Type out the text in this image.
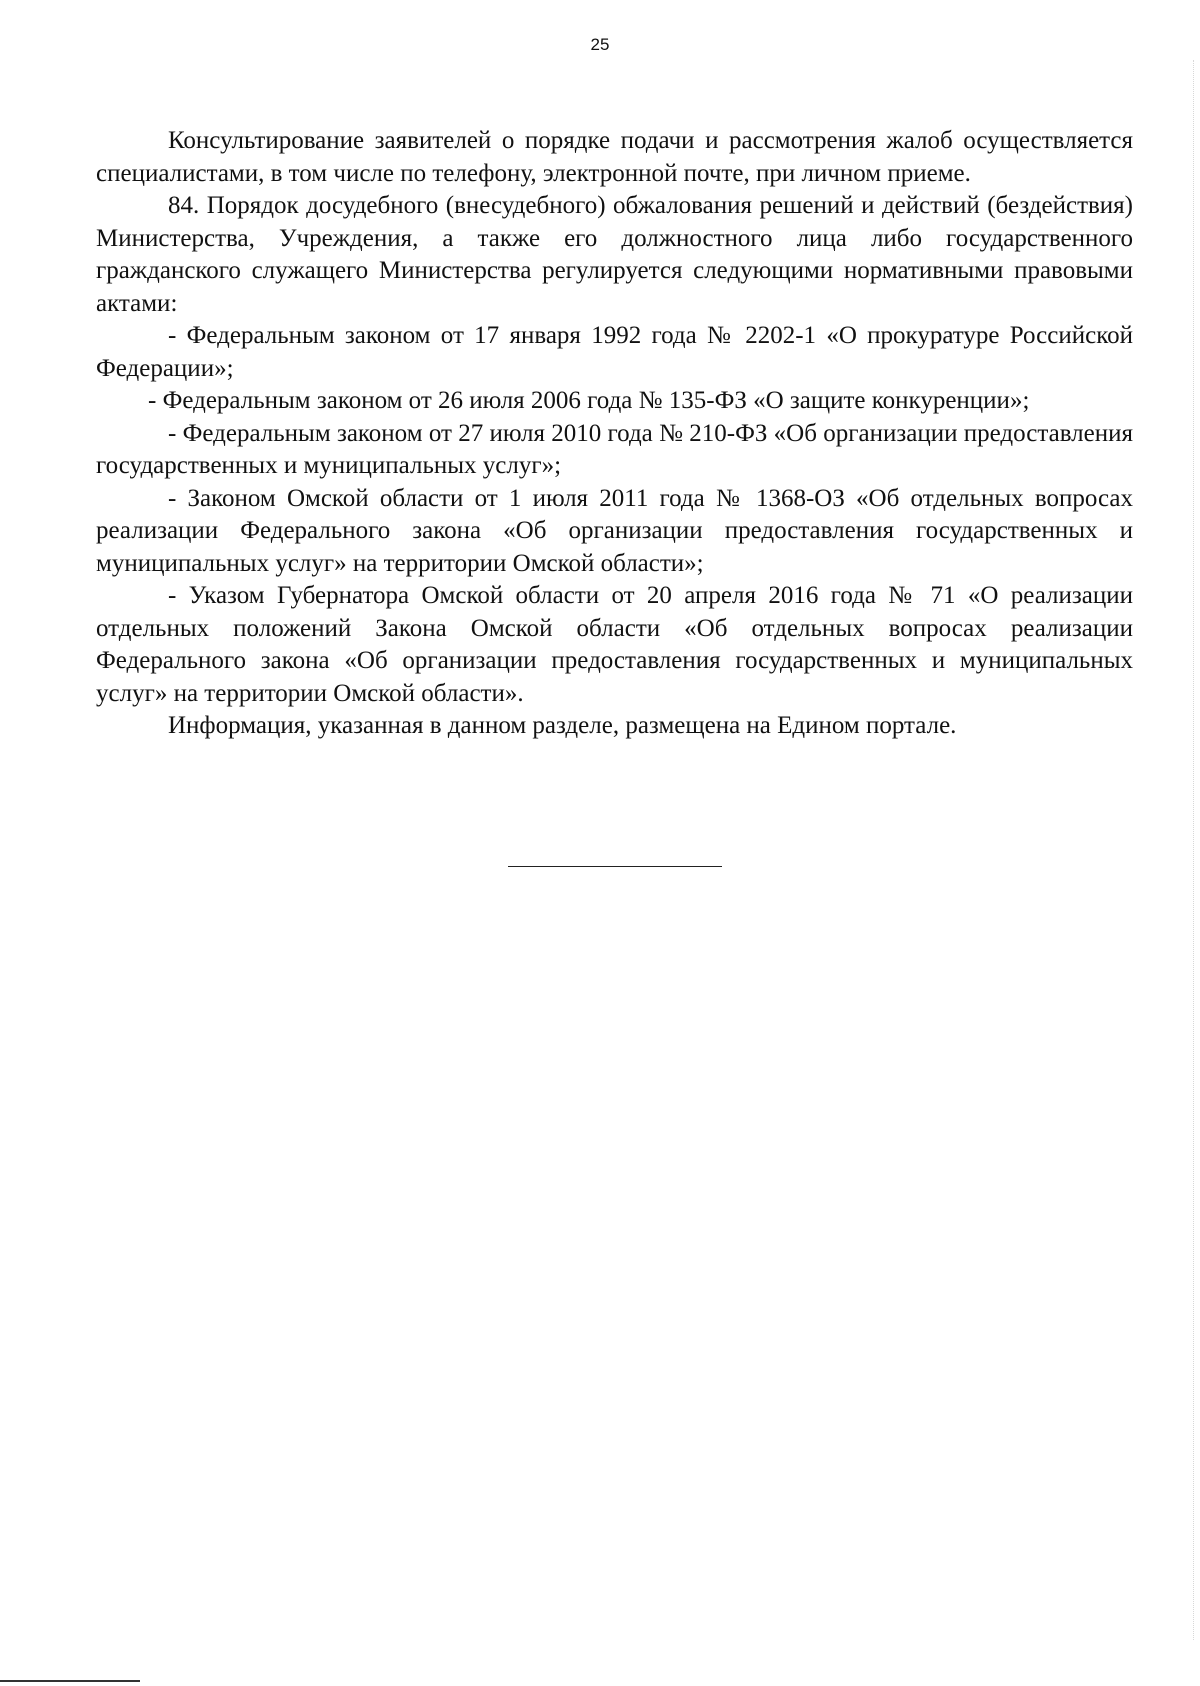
25

Консультирование заявителей о порядке подачи и рассмотрения жалоб осуществляется специалистами, в том числе по телефону, электронной почте, при личном приеме.

84. Порядок досудебного (внесудебного) обжалования решений и действий (бездействия) Министерства, Учреждения, а также его должностного лица либо государственного гражданского служащего Министерства регулируется следующими нормативными правовыми актами:

- Федеральным законом от 17 января 1992 года № 2202-1 «О прокуратуре Российской Федерации»;

- Федеральным законом от 26 июля 2006 года № 135-ФЗ «О защите конкуренции»;

- Федеральным законом от 27 июля 2010 года № 210-ФЗ «Об организации предоставления государственных и муниципальных услуг»;

- Законом Омской области от 1 июля 2011 года № 1368-ОЗ «Об отдельных вопросах реализации Федерального закона «Об организации предоставления государственных и муниципальных услуг» на территории Омской области»;

- Указом Губернатора Омской области от 20 апреля 2016 года № 71 «О реализации отдельных положений Закона Омской области «Об отдельных вопросах реализации Федерального закона «Об организации предоставления государственных и муниципальных услуг» на территории Омской области».

Информация, указанная в данном разделе, размещена на Едином портале.
